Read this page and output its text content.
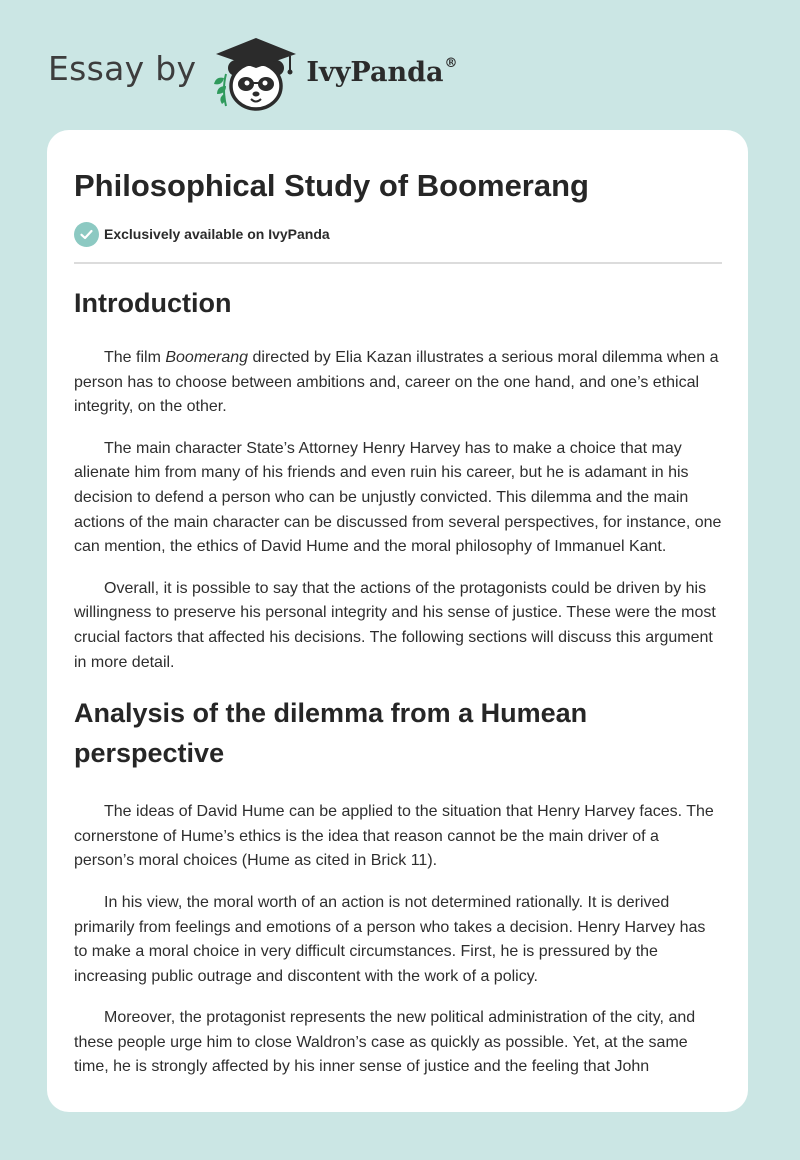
Essay by	IvyPanda®
Philosophical Study of Boomerang
Exclusively available on IvyPanda
Introduction

The film Boomerang directed by Elia Kazan illustrates a serious moral dilemma when a person has to choose between ambitions and, career on the one hand, and one’s ethical integrity, on the other.

The main character State’s Attorney Henry Harvey has to make a choice that may alienate him from many of his friends and even ruin his career, but he is adamant in his decision to defend a person who can be unjustly convicted. This dilemma and the main actions of the main character can be discussed from several perspectives, for instance, one can mention, the ethics of David Hume and the moral philosophy of Immanuel Kant.

Overall, it is possible to say that the actions of the protagonists could be driven by his willingness to preserve his personal integrity and his sense of justice. These were the most crucial factors that affected his decisions. The following sections will discuss this argument in more detail.

Analysis of the dilemma from a Humean perspective

The ideas of David Hume can be applied to the situation that Henry Harvey faces. The cornerstone of Hume’s ethics is the idea that reason cannot be the main driver of a person’s moral choices (Hume as cited in Brick 11).

In his view, the moral worth of an action is not determined rationally. It is derived primarily from feelings and emotions of a person who takes a decision. Henry Harvey has to make a moral choice in very difficult circumstances. First, he is pressured by the increasing public outrage and discontent with the work of a policy.

Moreover, the protagonist represents the new political administration of the city, and these people urge him to close Waldron’s case as quickly as possible. Yet, at the same time, he is strongly affected by his inner sense of justice and the feeling that John
